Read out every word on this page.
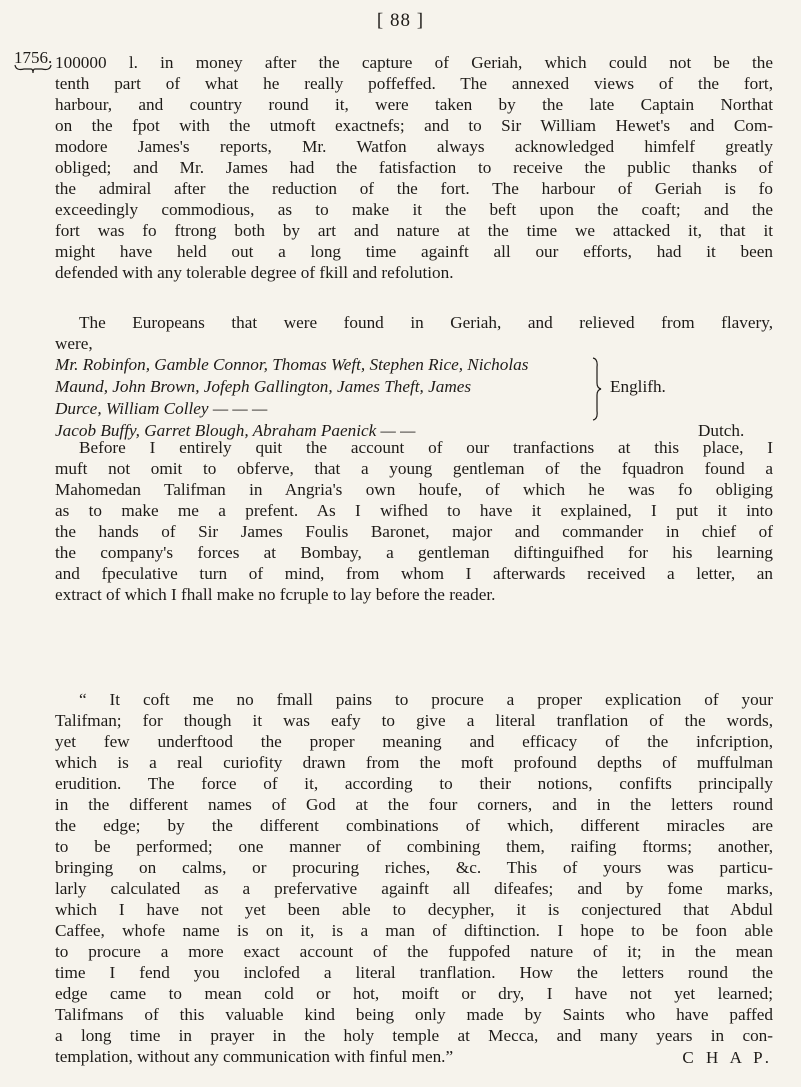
[ 88 ]
1756. 100000 l. in money after the capture of Geriah, which could not be the
tenth part of what he really poffeffed. The annexed views of the fort,
harbour, and country round it, were taken by the late Captain Northat
on the fpot with the utmoft exactnefs; and to Sir William Hewet's and Com-
modore James's reports, Mr. Watfon always acknowledged himfelf greatly
obliged; and Mr. James had the fatisfaction to receive the public thanks of
the admiral after the reduction of the fort. The harbour of Geriah is fo
exceedingly commodious, as to make it the beft upon the coaft; and the
fort was fo ftrong both by art and nature at the time we attacked it, that it
might have held out a long time againft all our efforts, had it been
defended with any tolerable degree of fkill and refolution.
The Europeans that were found in Geriah, and relieved from flavery,
were,
Mr. Robinfon, Gamble Connor, Thomas Weft, Stephen Rice, Nicholas
Maund, John Brown, Jofeph Gallington, James Theft, James
Durce, William Colley — — —
Jacob Buffy, Garret Blough, Abraham Paenick — —
Englifh.
Dutch.
Before I entirely quit the account of our tranfactions at this place, I
muft not omit to obferve, that a young gentleman of the fquadron found a
Mahomedan Talifman in Angria's own houfe, of which he was fo obliging
as to make me a prefent. As I wifhed to have it explained, I put it into
the hands of Sir James Foulis Baronet, major and commander in chief of
the company's forces at Bombay, a gentleman diftinguifhed for his learning
and fpeculative turn of mind, from whom I afterwards received a letter, an
extract of which I fhall make no fcruple to lay before the reader.
“ It coft me no fmall pains to procure a proper explication of your
Talifman; for though it was eafy to give a literal tranflation of the words,
yet few underftood the proper meaning and efficacy of the infcription,
which is a real curiofity drawn from the moft profound depths of muffulman
erudition. The force of it, according to their notions, confifts principally
in the different names of God at the four corners, and in the letters round
the edge; by the different combinations of which, different miracles are
to be performed; one manner of combining them, raifing ftorms; another,
bringing on calms, or procuring riches, &c. This of yours was particu-
larly calculated as a prefervative againft all difeafes; and by fome marks,
which I have not yet been able to decypher, it is conjectured that Abdul
Caffee, whofe name is on it, is a man of diftinction. I hope to be foon able
to procure a more exact account of the fuppofed nature of it; in the mean
time I fend you inclofed a literal tranflation. How the letters round the
edge came to mean cold or hot, moift or dry, I have not yet learned;
Talifmans of this valuable kind being only made by Saints who have paffed
a long time in prayer in the holy temple at Mecca, and many years in con-
templation, without any communication with finful men.”	C H A P.
